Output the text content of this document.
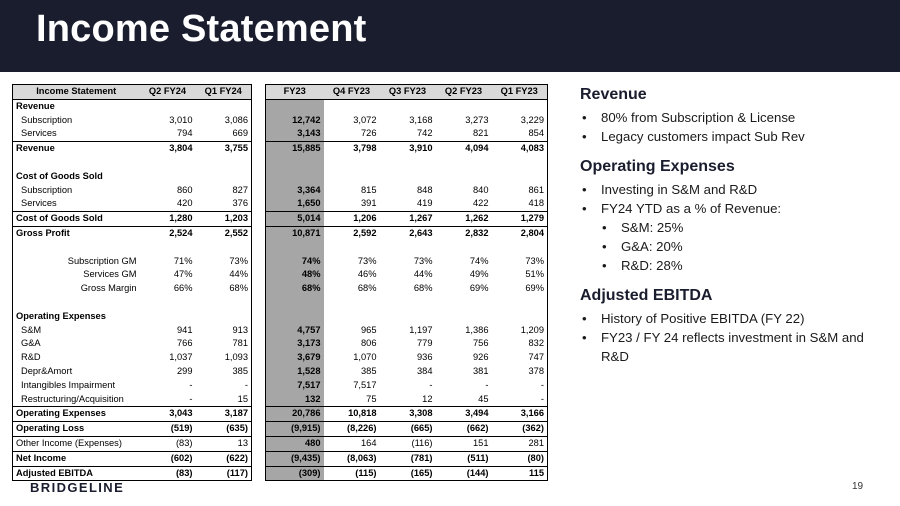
Income Statement
Income Statement	Q2 FY24	Q1 FY24		FY23	Q4 FY23	Q3 FY23	Q2 FY23	Q1 FY23
Revenue								
Subscription	3,010	3,086		12,742	3,072	3,168	3,273	3,229
Services	794	669		3,143	726	742	821	854
Revenue	3,804	3,755		15,885	3,798	3,910	4,094	4,083

Cost of Goods Sold								
Subscription	860	827		3,364	815	848	840	861
Services	420	376		1,650	391	419	422	418
Cost of Goods Sold	1,280	1,203		5,014	1,206	1,267	1,262	1,279
Gross Profit	2,524	2,552		10,871	2,592	2,643	2,832	2,804

Subscription GM	71%	73%		74%	73%	73%	74%	73%
Services GM	47%	44%		48%	46%	44%	49%	51%
Gross Margin	66%	68%		68%	68%	68%	69%	69%

Operating Expenses								
S&M	941	913		4,757	965	1,197	1,386	1,209
G&A	766	781		3,173	806	779	756	832
R&D	1,037	1,093		3,679	1,070	936	926	747
Depr&Amort	299	385		1,528	385	384	381	378
Intangibles Impairment	-	-		7,517	7,517	-	-	-
Restructuring/Acquisition	-	15		132	75	12	45	-
Operating Expenses	3,043	3,187		20,786	10,818	3,308	3,494	3,166
Operating Loss	(519)	(635)		(9,915)	(8,226)	(665)	(662)	(362)
Other Income (Expenses)	(83)	13		480	164	(116)	151	281
Net Income	(602)	(622)		(9,435)	(8,063)	(781)	(511)	(80)
Adjusted EBITDA	(83)	(117)		(309)	(115)	(165)	(144)	115

Revenue

• 80% from Subscription & License
• Legacy customers impact Sub Rev

Operating Expenses

• Investing in S&M and R&D
• FY24 YTD as a % of Revenue:
• S&M: 25%
• G&A: 20%
• R&D: 28%

Adjusted EBITDA

• History of Positive EBITDA (FY 22)
• FY23 / FY 24 reflects investment in S&M and R&D
BRIDGELINE	19
